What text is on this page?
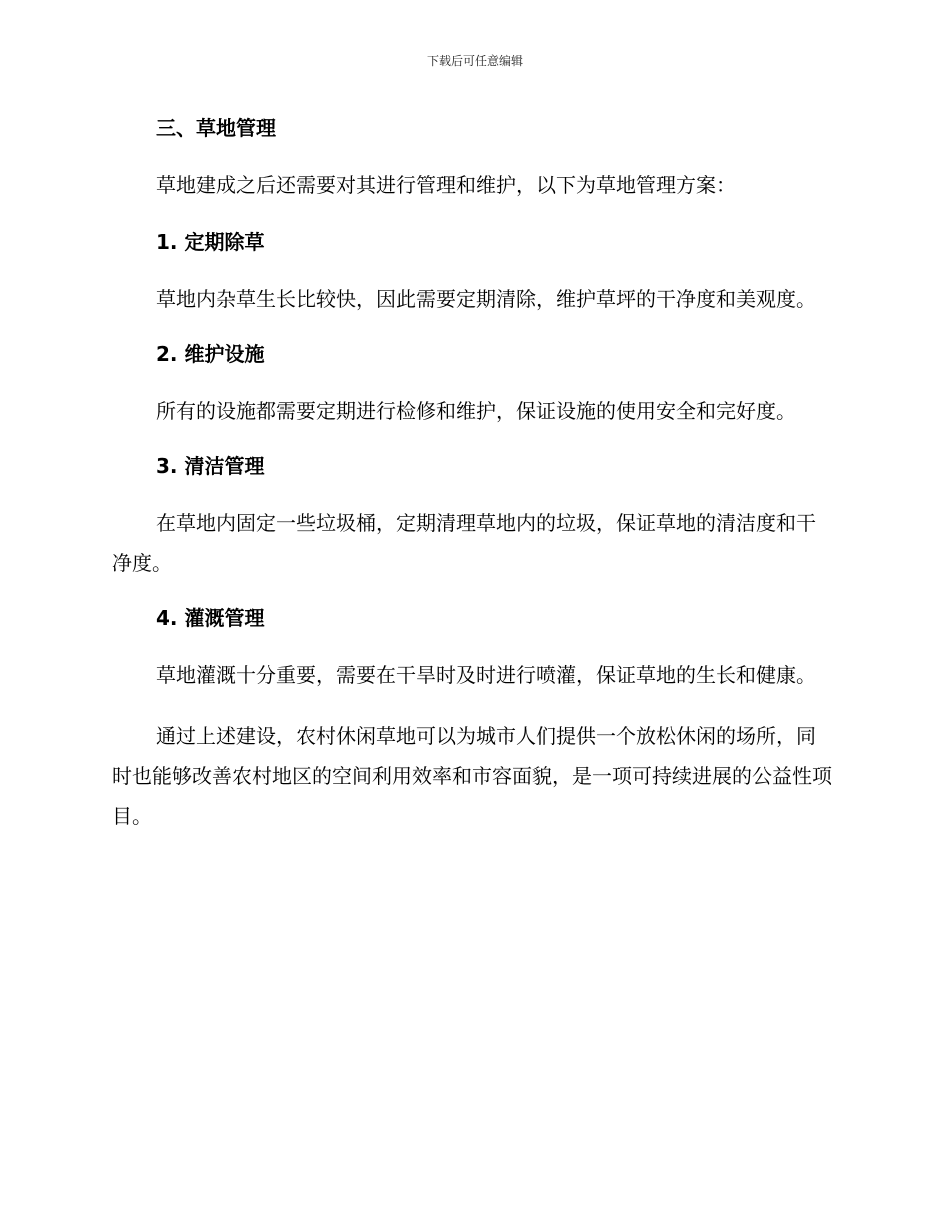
下载后可任意编辑
三、草地管理

草地建成之后还需要对其进行管理和维护，以下为草地管理方案：

1. 定期除草

草地内杂草生长比较快，因此需要定期清除，维护草坪的干净度和美观度。

2. 维护设施

所有的设施都需要定期进行检修和维护，保证设施的使用安全和完好度。

3. 清洁管理

在草地内固定一些垃圾桶，定期清理草地内的垃圾，保证草地的清洁度和干净度。

4. 灌溉管理

草地灌溉十分重要，需要在干旱时及时进行喷灌，保证草地的生长和健康。

通过上述建设，农村休闲草地可以为城市人们提供一个放松休闲的场所，同时也能够改善农村地区的空间利用效率和市容面貌，是一项可持续进展的公益性项目。
